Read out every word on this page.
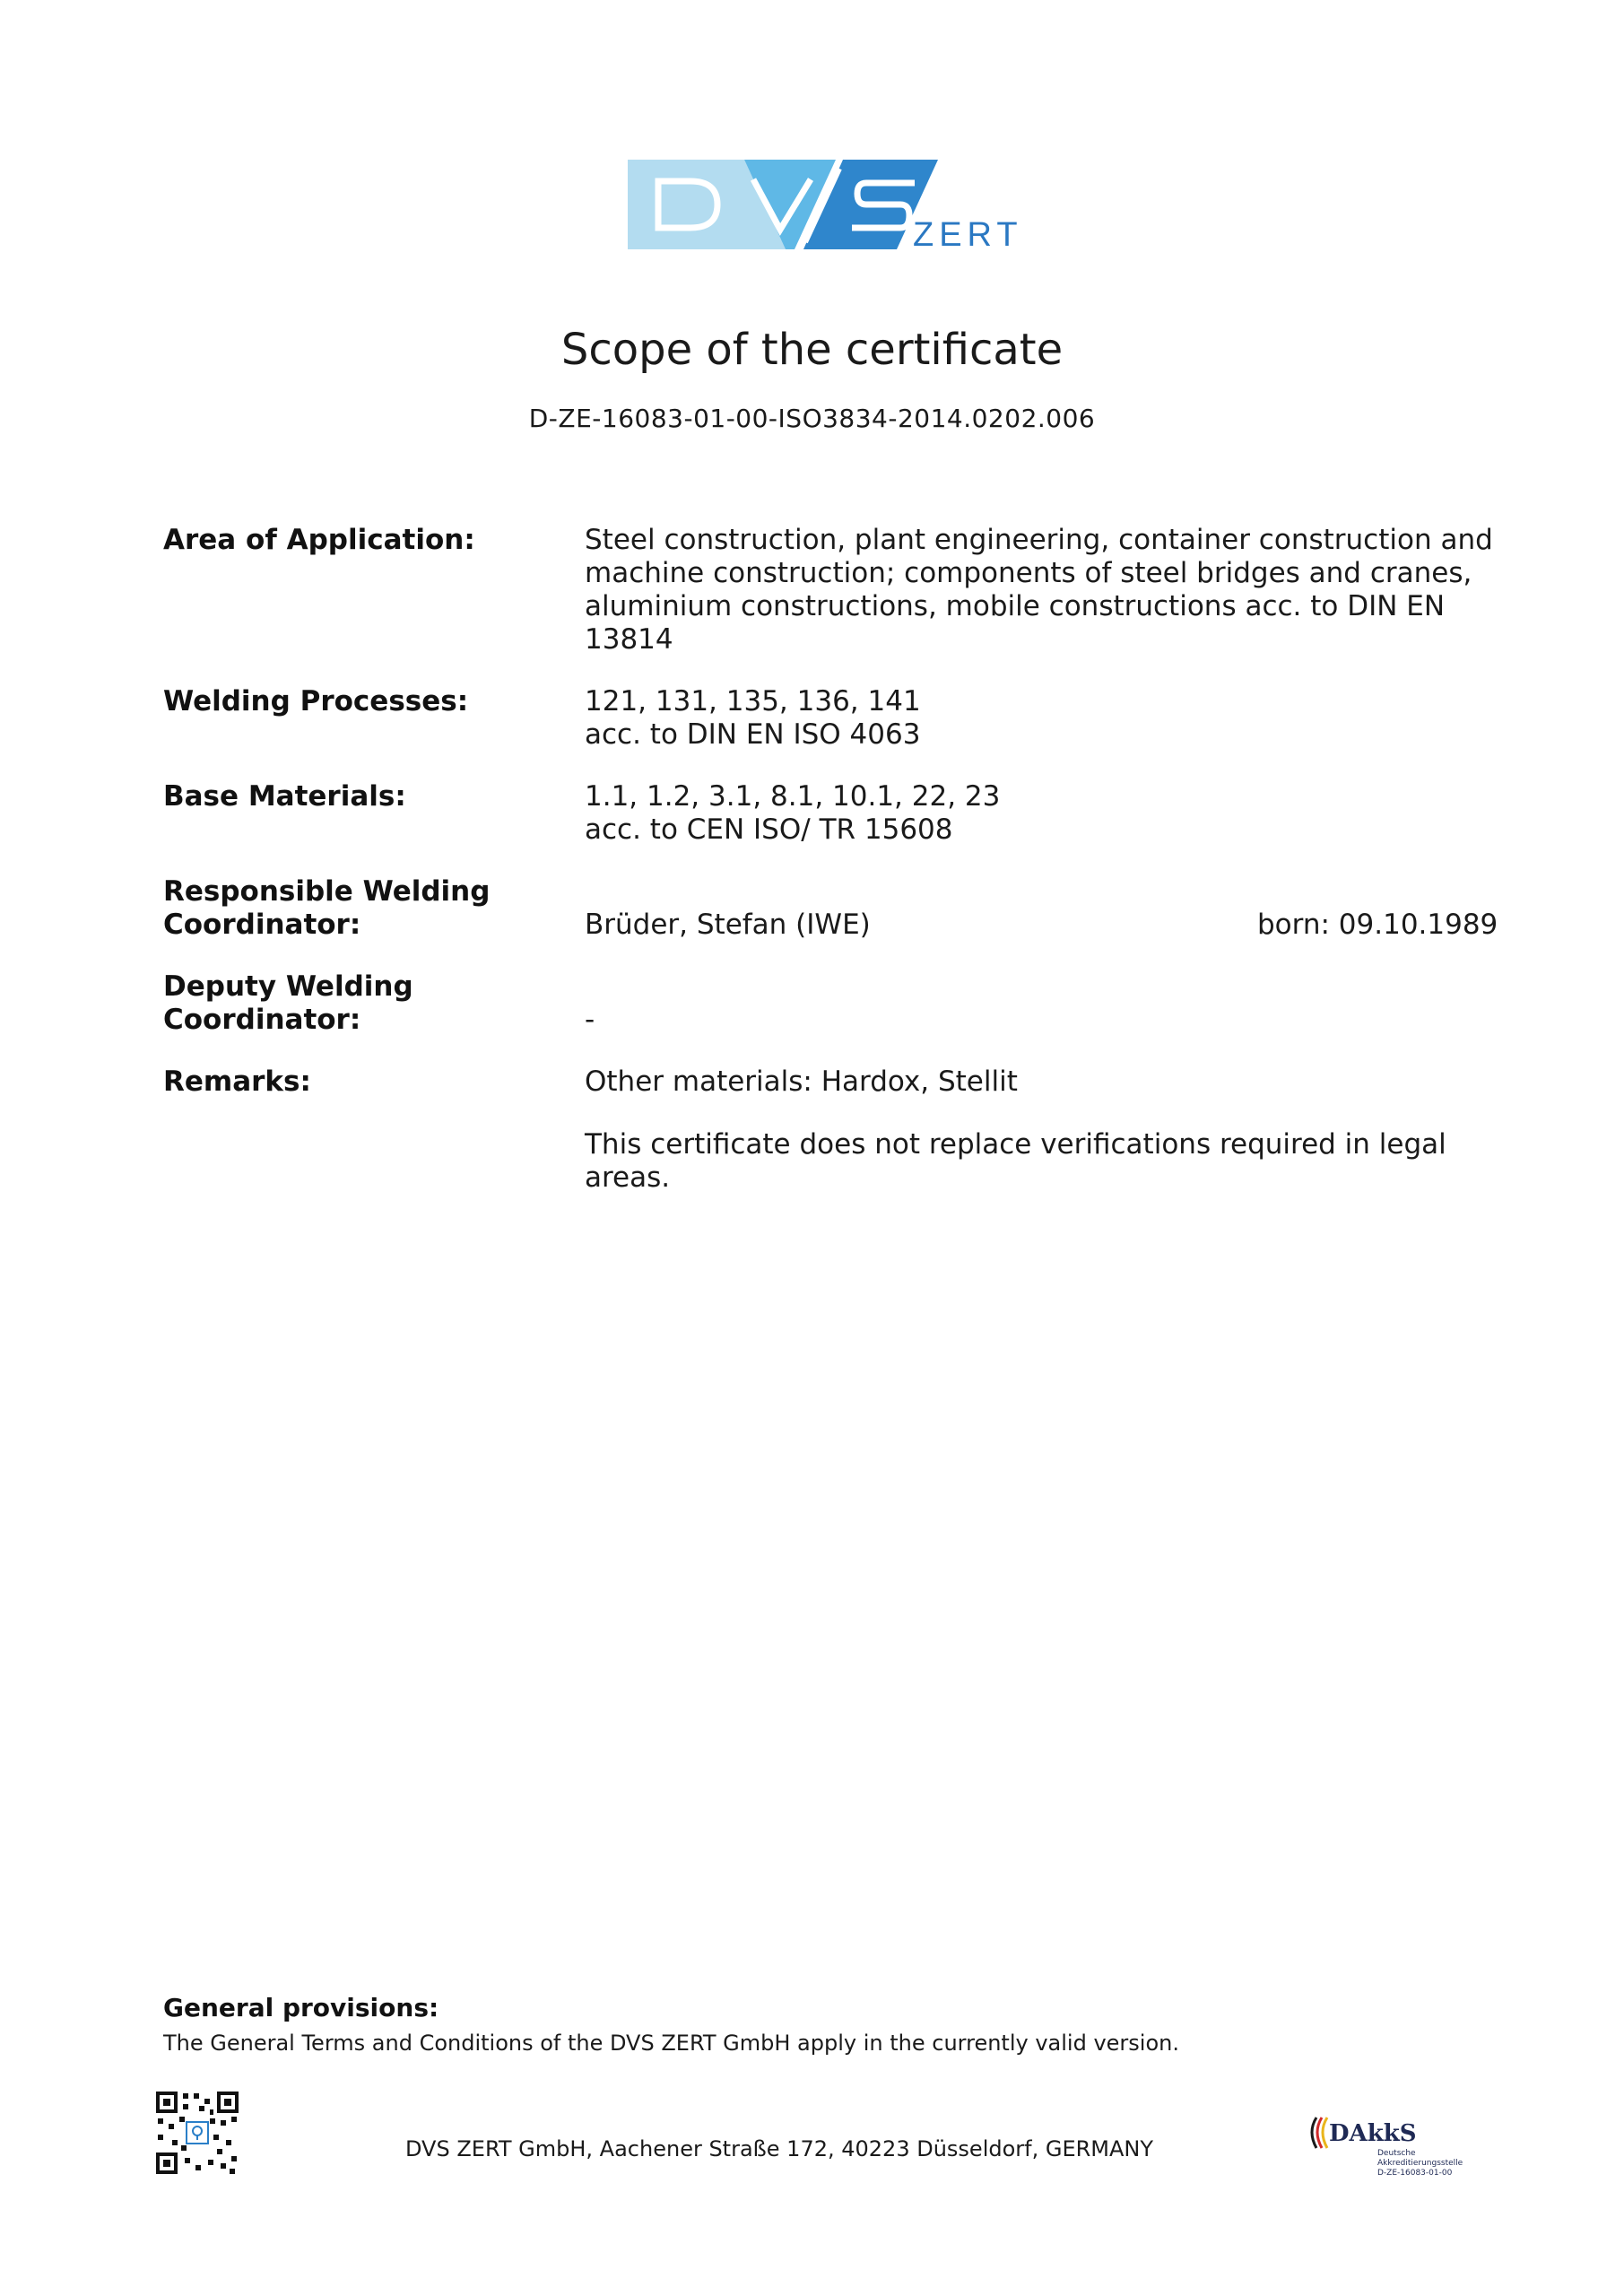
ZERT
Scope of the certificate
D-ZE-16083-01-00-ISO3834-2014.0202.006
Area of Application:	Steel construction, plant engineering, container construction and
machine construction; components of steel bridges and cranes,
aluminium constructions, mobile constructions acc. to DIN EN
13814
Welding Processes:	121, 131, 135, 136, 141
acc. to DIN EN ISO 4063
Base Materials:	1.1, 1.2, 3.1, 8.1, 10.1, 22, 23
acc. to CEN ISO/ TR 15608
Responsible Welding
Coordinator:	Brüder, Stefan (IWE)	born: 09.10.1989
Deputy Welding
Coordinator:	-
Remarks:	Other materials: Hardox, Stellit
This certificate does not replace verifications required in legal
areas.
General provisions:
The General Terms and Conditions of the DVS ZERT GmbH apply in the currently valid version.
DVS ZERT GmbH, Aachener Straße 172, 40223 Düsseldorf, GERMANY
DAkkS
Deutsche
Akkreditierungsstelle
D-ZE-16083-01-00
